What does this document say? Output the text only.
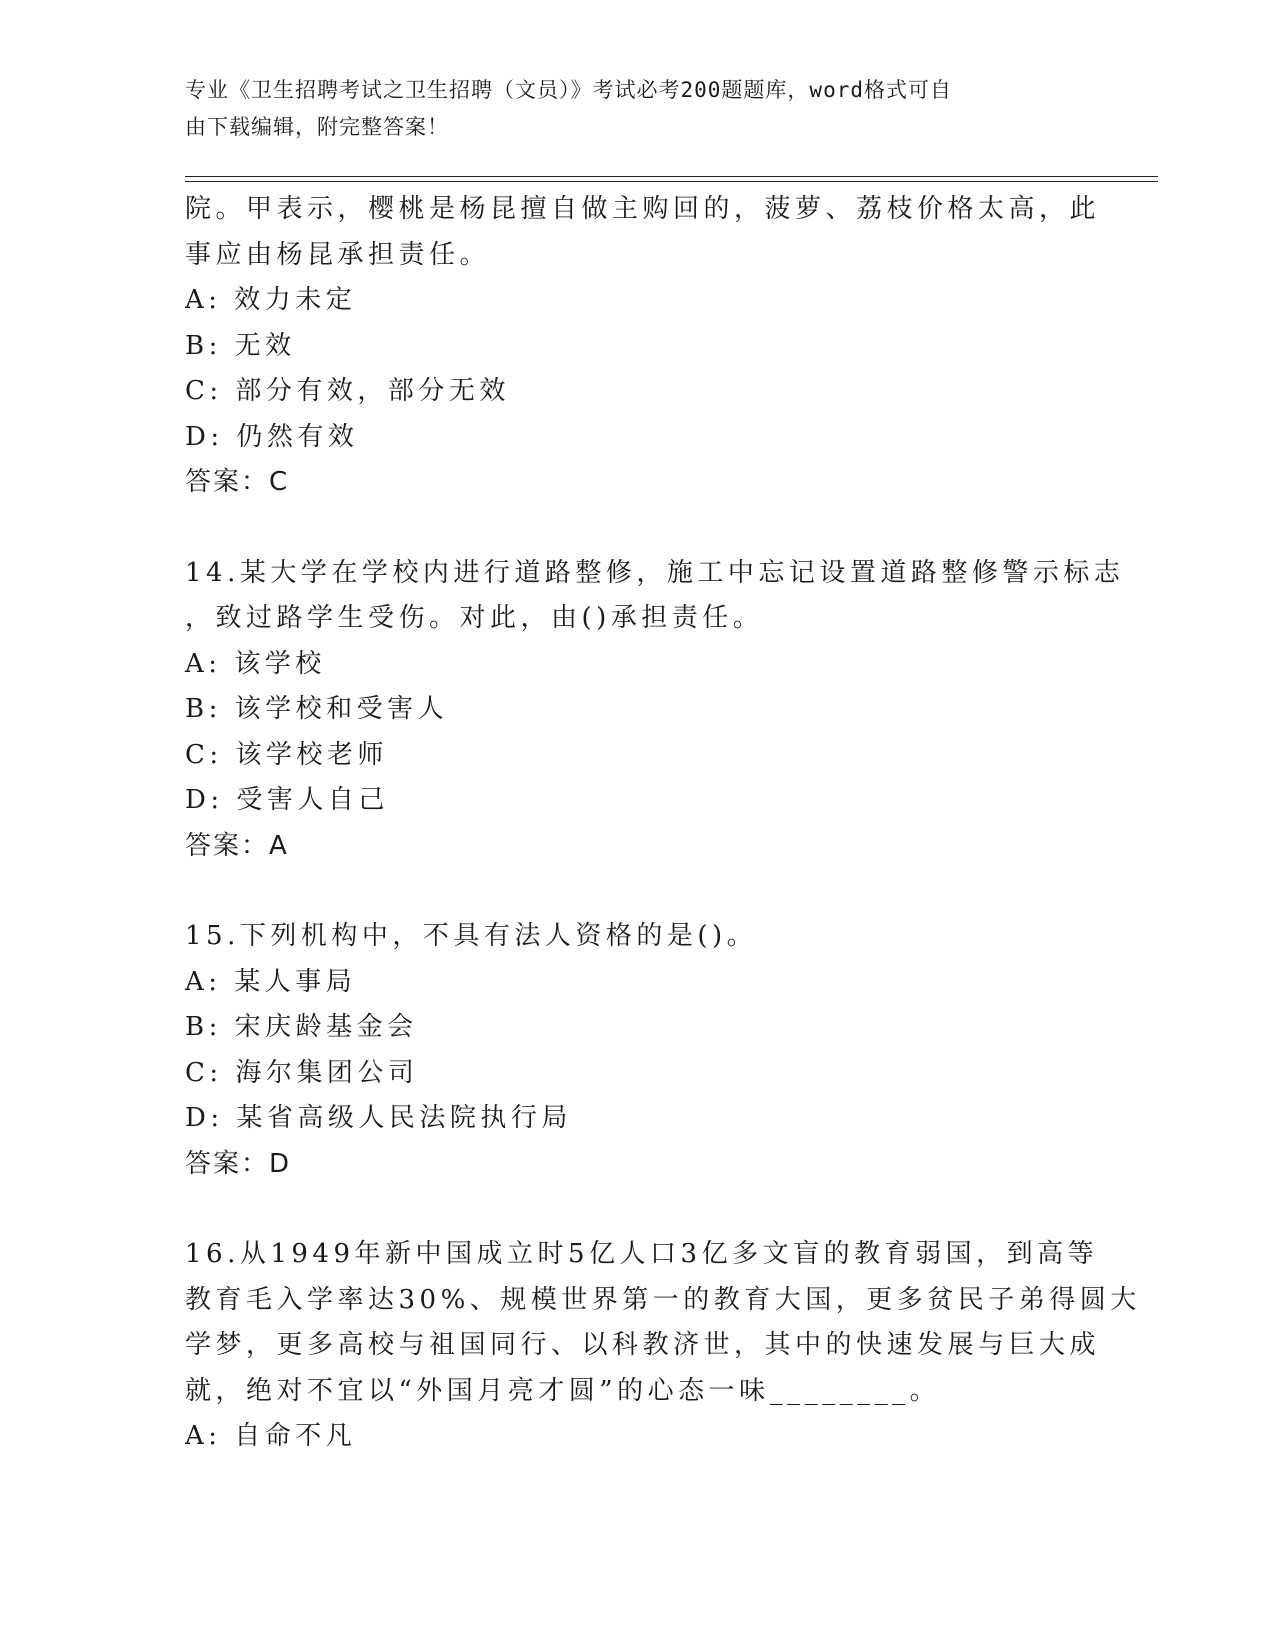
专业《卫生招聘考试之卫生招聘（文员）》考试必考200题题库，word格式可自
由下载编辑，附完整答案！
院。甲表示，樱桃是杨昆擅自做主购回的，菠萝、荔枝价格太高，此
事应由杨昆承担责任。
A: 效力未定
B: 无效
C: 部分有效，部分无效
D: 仍然有效
答案：C
14.某大学在学校内进行道路整修，施工中忘记设置道路整修警示标志
，致过路学生受伤。对此，由()承担责任。
A: 该学校
B: 该学校和受害人
C: 该学校老师
D: 受害人自己
答案：A
15.下列机构中，不具有法人资格的是()。
A: 某人事局
B: 宋庆龄基金会
C: 海尔集团公司
D: 某省高级人民法院执行局
答案：D
16.从1949年新中国成立时5亿人口3亿多文盲的教育弱国，到高等
教育毛入学率达30%、规模世界第一的教育大国，更多贫民子弟得圆大
学梦，更多高校与祖国同行、以科教济世，其中的快速发展与巨大成
就，绝对不宜以“外国月亮才圆”的心态一味________。
A: 自命不凡
